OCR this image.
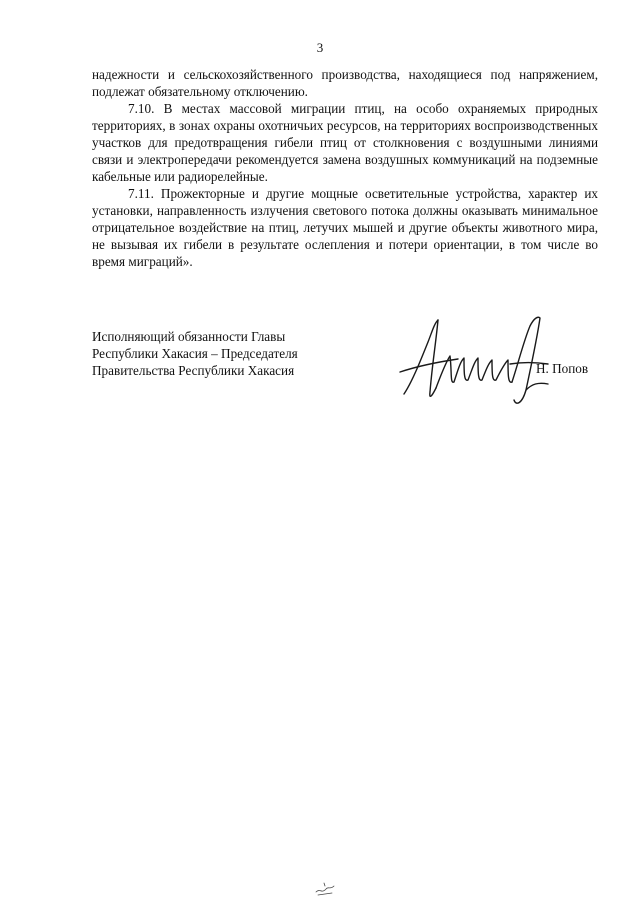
3

надежности и сельскохозяйственного производства, находящиеся под напряжением, подлежат обязательному отключению.

7.10. В местах массовой миграции птиц, на особо охраняемых природных территориях, в зонах охраны охотничьих ресурсов, на территориях воспроизводственных участков для предотвращения гибели птиц от столкновения с воздушными линиями связи и электропередачи рекомендуется замена воздушных коммуникаций на подземные кабельные или радиорелейные.

7.11. Прожекторные и другие мощные осветительные устройства, характер их установки, направленность излучения светового потока должны оказывать минимальное отрицательное воздействие на птиц, летучих мышей и другие объекты животного мира, не вызывая их гибели в результате ослепления и потери ориентации, в том числе во время миграций».

Исполняющий обязанности Главы
Республики Хакасия – Председателя
Правительства Республики Хакасия	Н. Попов
